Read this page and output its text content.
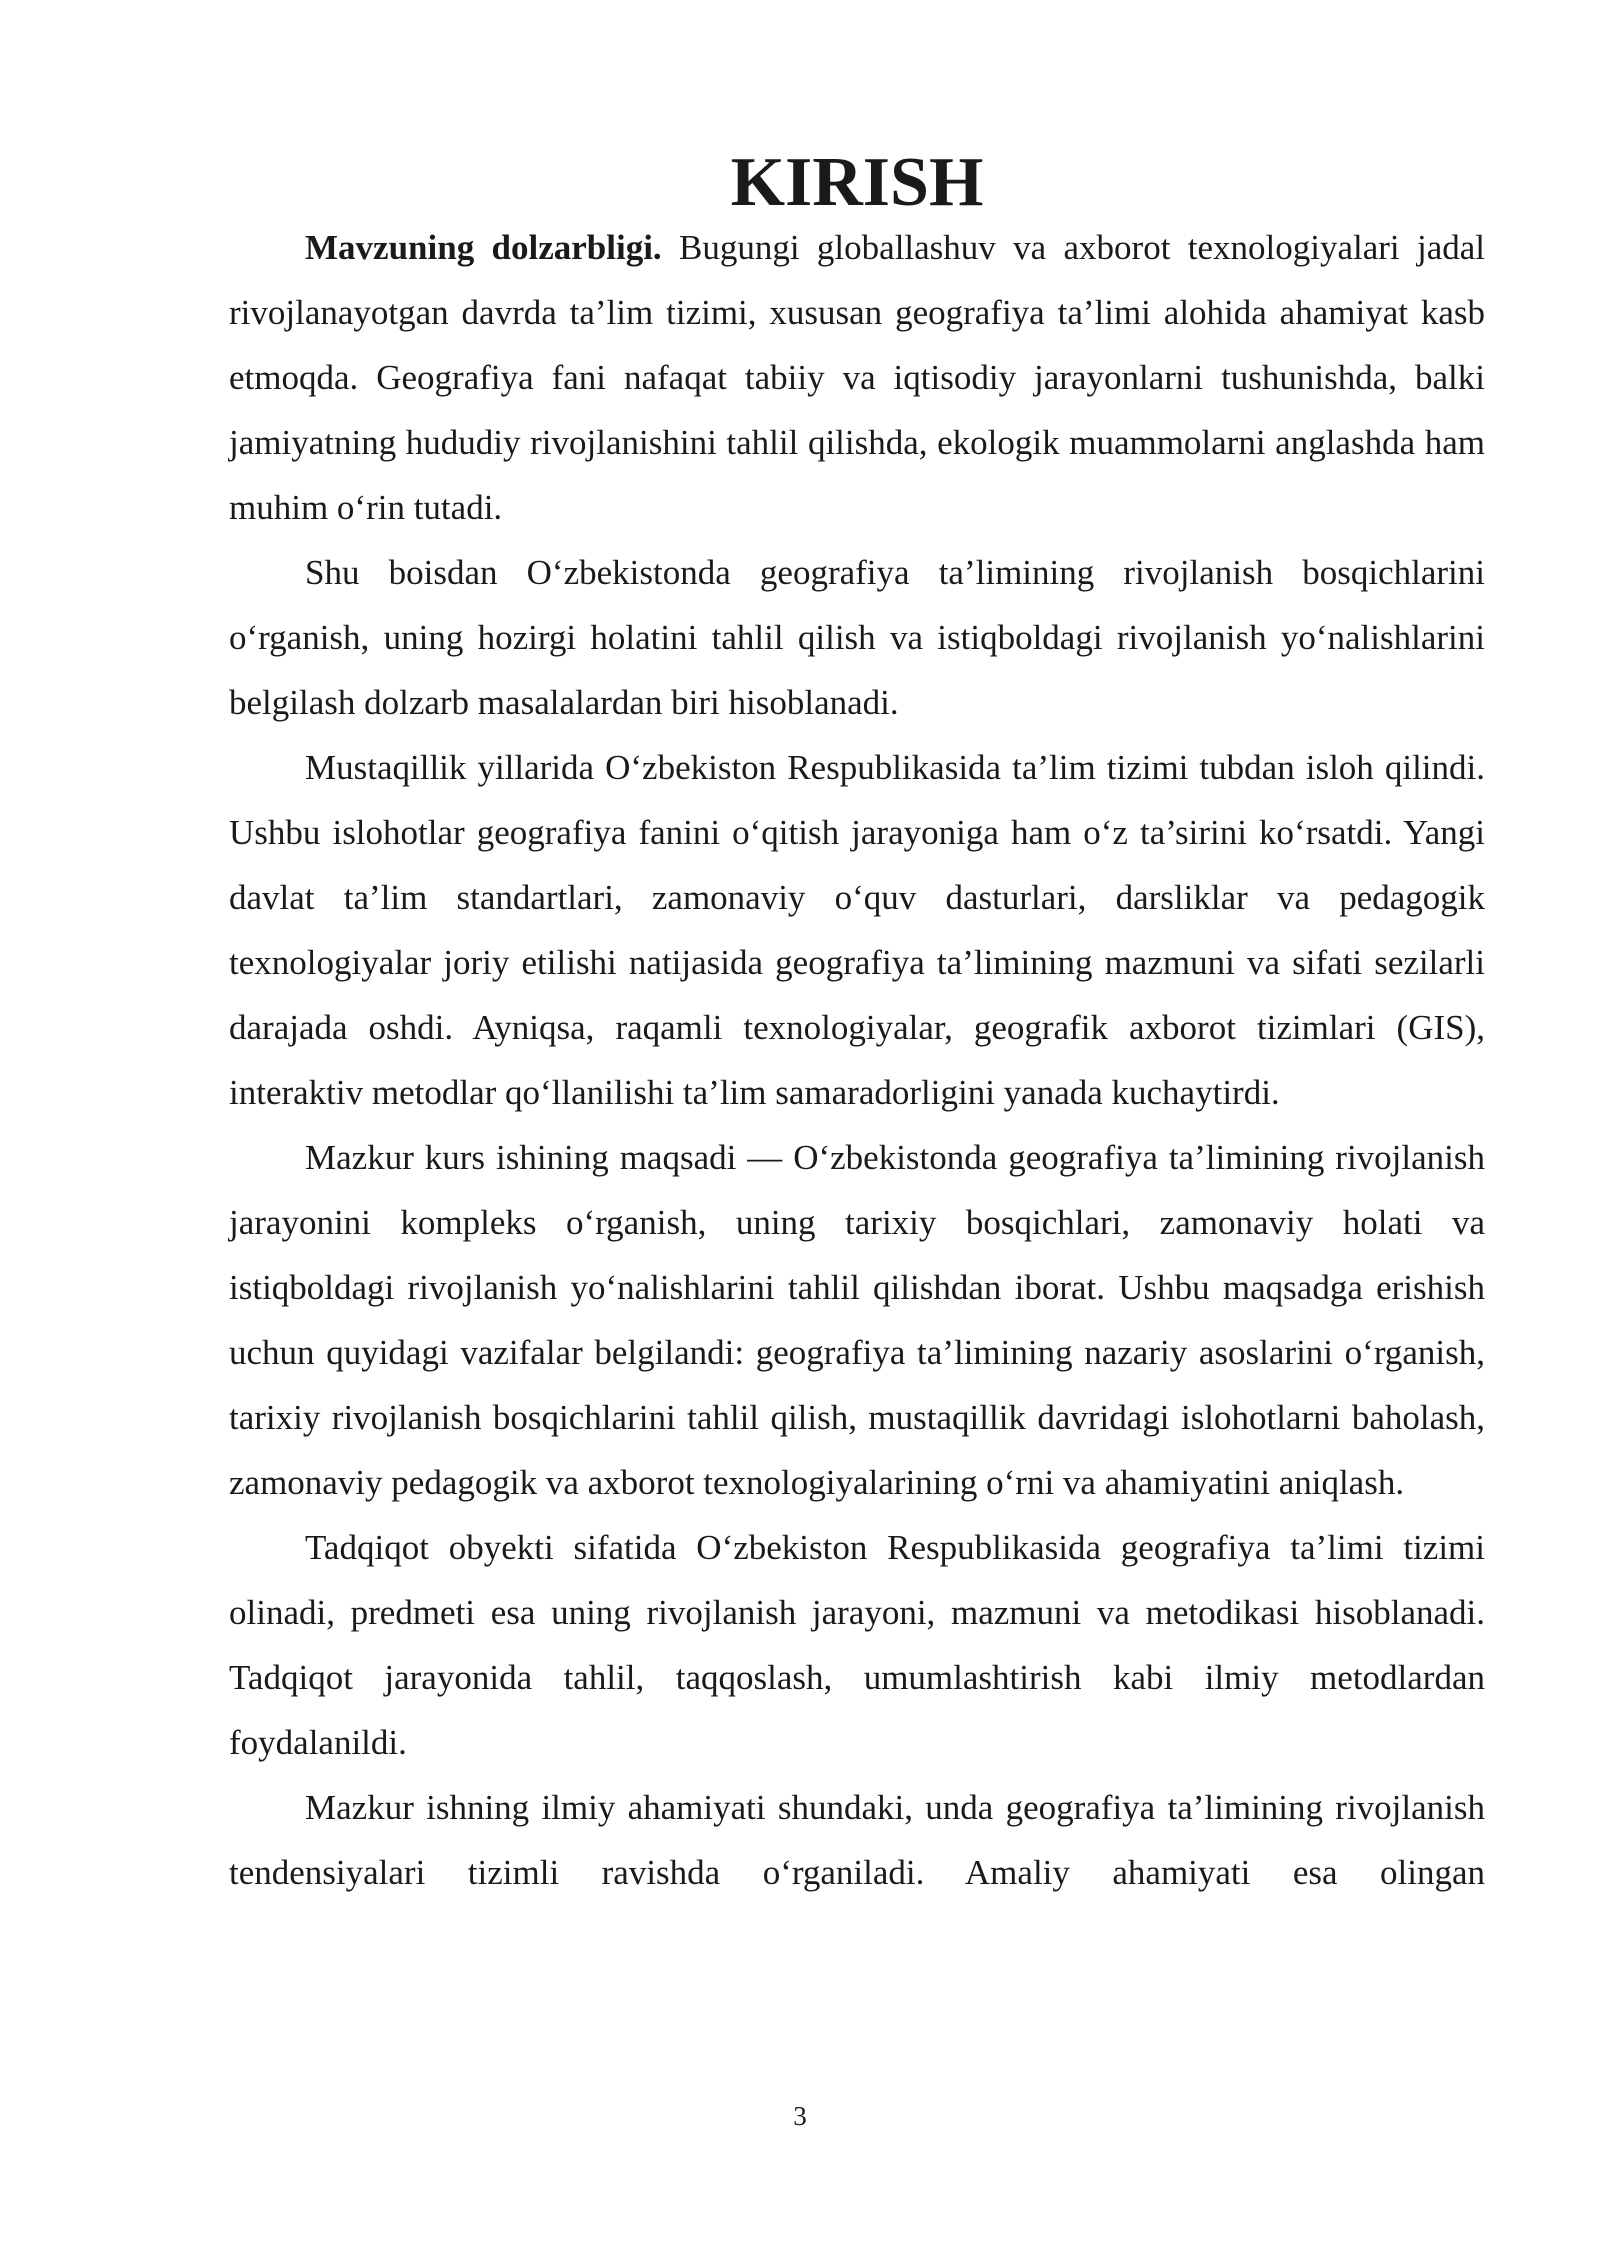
KIRISH

Mavzuning dolzarbligi. Bugungi globallashuv va axborot texnologiyalari jadal rivojlanayotgan davrda ta’lim tizimi, xususan geografiya ta’limi alohida ahamiyat kasb etmoqda. Geografiya fani nafaqat tabiiy va iqtisodiy jarayonlarni tushunishda, balki jamiyatning hududiy rivojlanishini tahlil qilishda, ekologik muammolarni anglashda ham muhim o‘rin tutadi.

Shu boisdan O‘zbekistonda geografiya ta’limining rivojlanish bosqichlarini o‘rganish, uning hozirgi holatini tahlil qilish va istiqboldagi rivojlanish yo‘nalishlarini belgilash dolzarb masalalardan biri hisoblanadi.

Mustaqillik yillarida O‘zbekiston Respublikasida ta’lim tizimi tubdan isloh qilindi. Ushbu islohotlar geografiya fanini o‘qitish jarayoniga ham o‘z ta’sirini ko‘rsatdi. Yangi davlat ta’lim standartlari, zamonaviy o‘quv dasturlari, darsliklar va pedagogik texnologiyalar joriy etilishi natijasida geografiya ta’limining mazmuni va sifati sezilarli darajada oshdi. Ayniqsa, raqamli texnologiyalar, geografik axborot tizimlari (GIS), interaktiv metodlar qo‘llanilishi ta’lim samaradorligini yanada kuchaytirdi.

Mazkur kurs ishining maqsadi — O‘zbekistonda geografiya ta’limining rivojlanish jarayonini kompleks o‘rganish, uning tarixiy bosqichlari, zamonaviy holati va istiqboldagi rivojlanish yo‘nalishlarini tahlil qilishdan iborat. Ushbu maqsadga erishish uchun quyidagi vazifalar belgilandi: geografiya ta’limining nazariy asoslarini o‘rganish, tarixiy rivojlanish bosqichlarini tahlil qilish, mustaqillik davridagi islohotlarni baholash, zamonaviy pedagogik va axborot texnologiyalarining o‘rni va ahamiyatini aniqlash.

Tadqiqot obyekti sifatida O‘zbekiston Respublikasida geografiya ta’limi tizimi olinadi, predmeti esa uning rivojlanish jarayoni, mazmuni va metodikasi hisoblanadi. Tadqiqot jarayonida tahlil, taqqoslash, umumlashtirish kabi ilmiy metodlardan foydalanildi.

Mazkur ishning ilmiy ahamiyati shundaki, unda geografiya ta’limining rivojlanish tendensiyalari tizimli ravishda o‘rganiladi. Amaliy ahamiyati esa olingan

3
